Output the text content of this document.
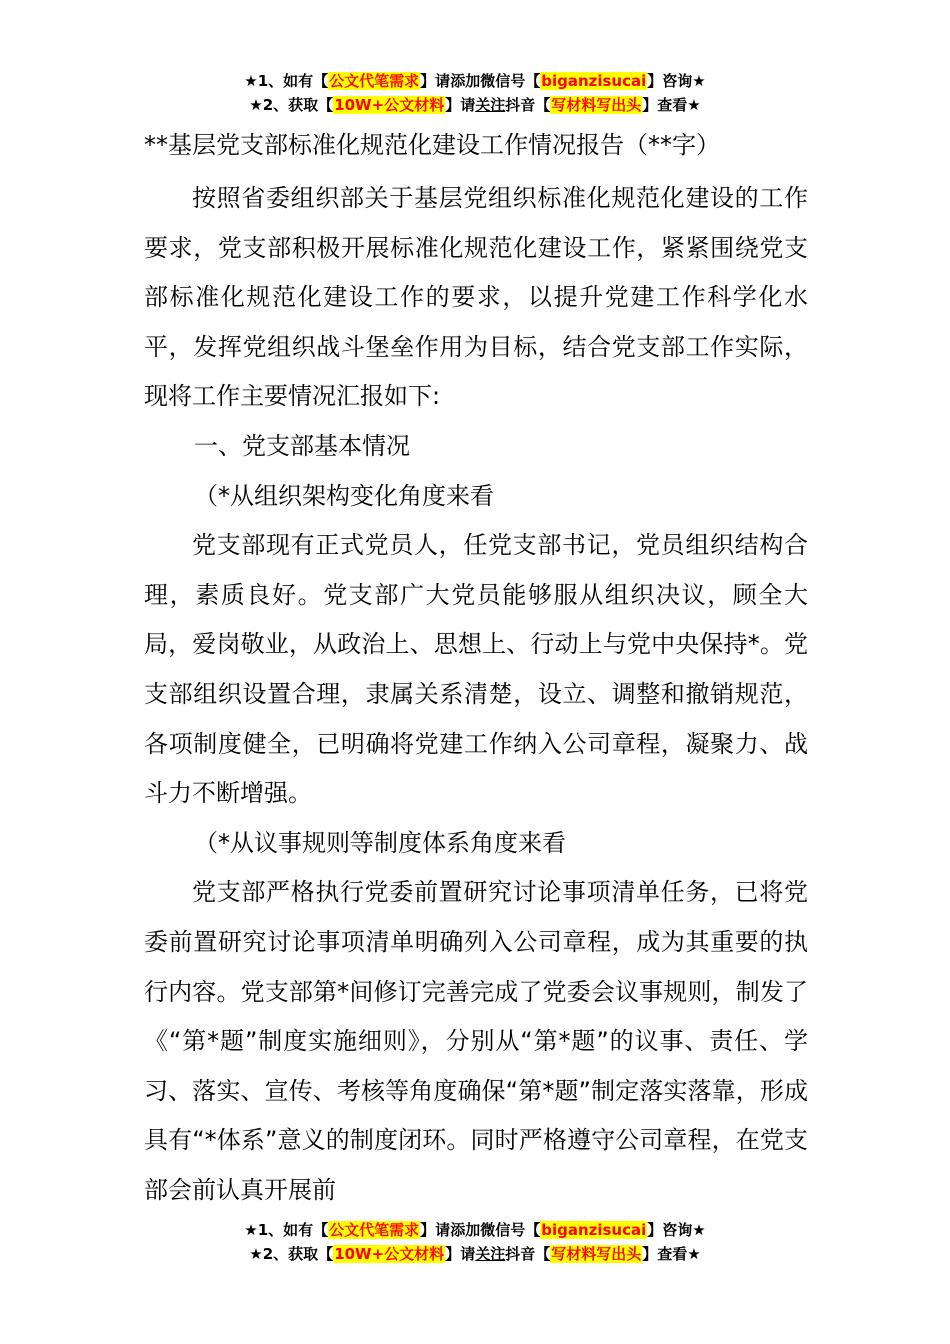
★1、如有【公文代笔需求】请添加微信号【biganzisucai】咨询★
★2、获取【10W+公文材料】请关注抖音【写材料写出头】查看★
**基层党支部标准化规范化建设工作情况报告（**字）

按照省委组织部关于基层党组织标准化规范化建设的工作要求，党支部积极开展标准化规范化建设工作，紧紧围绕党支部标准化规范化建设工作的要求，以提升党建工作科学化水平，发挥党组织战斗堡垒作用为目标，结合党支部工作实际，现将工作主要情况汇报如下:

一、党支部基本情况

（*从组织架构变化角度来看

党支部现有正式党员人，任党支部书记，党员组织结构合理，素质良好。党支部广大党员能够服从组织决议，顾全大局，爱岗敬业，从政治上、思想上、行动上与党中央保持*。党支部组织设置合理，隶属关系清楚，设立、调整和撤销规范，各项制度健全，已明确将党建工作纳入公司章程，凝聚力、战斗力不断增强。

（*从议事规则等制度体系角度来看

党支部严格执行党委前置研究讨论事项清单任务，已将党委前置研究讨论事项清单明确列入公司章程，成为其重要的执行内容。党支部第*间修订完善完成了党委会议事规则，制发了《“第*题”制度实施细则》，分别从“第*题”的议事、责任、学习、落实、宣传、考核等角度确保“第*题”制定落实落靠，形成具有“*体系”意义的制度闭环。同时严格遵守公司章程，在党支部会前认真开展前

★1、如有【公文代笔需求】请添加微信号【biganzisucai】咨询★
★2、获取【10W+公文材料】请关注抖音【写材料写出头】查看★
